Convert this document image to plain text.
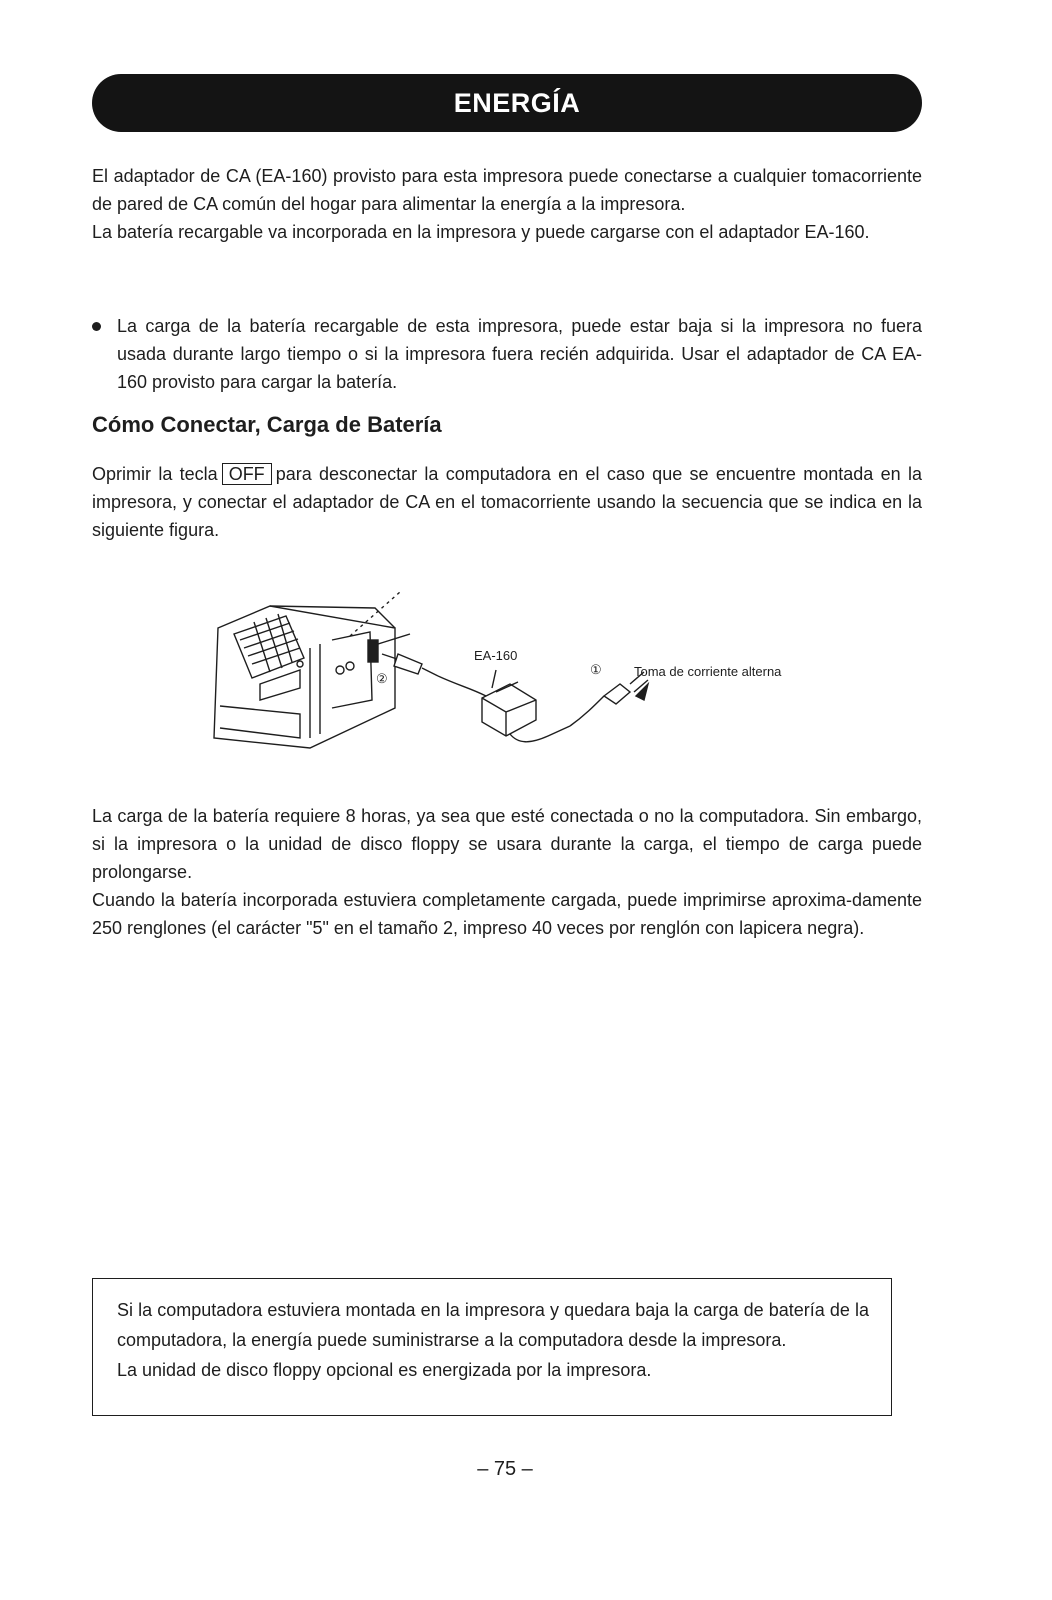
ENERGÍA

El adaptador de CA (EA-160) provisto para esta impresora puede conectarse a cualquier tomacorriente de pared de CA común del hogar para alimentar la energía a la impresora.

La batería recargable va incorporada en la impresora y puede cargarse con el adaptador EA-160.

La carga de la batería recargable de esta impresora, puede estar baja si la impresora no fuera usada durante largo tiempo o si la impresora fuera recién adquirida. Usar el adaptador de CA EA-160 provisto para cargar la batería.

Cómo Conectar, Carga de Batería

Oprimir la tecla OFF para desconectar la computadora en el caso que se encuentre montada en la impresora, y conectar el adaptador de CA en el tomacorriente usando la secuencia que se indica en la siguiente figura.

EA-160
①
②	Toma de corriente alterna

La carga de la batería requiere 8 horas, ya sea que esté conectada o no la computadora. Sin embargo, si la impresora o la unidad de disco floppy se usara durante la carga, el tiempo de carga puede prolongarse.

Cuando la batería incorporada estuviera completamente cargada, puede imprimirse aproxima-damente 250 renglones (el carácter "5" en el tamaño 2, impreso 40 veces por renglón con lapicera negra).

Si la computadora estuviera montada en la impresora y quedara baja la carga de batería de la computadora, la energía puede suministrarse a la computadora desde la impresora.

La unidad de disco floppy opcional es energizada por la impresora.

– 75 –
